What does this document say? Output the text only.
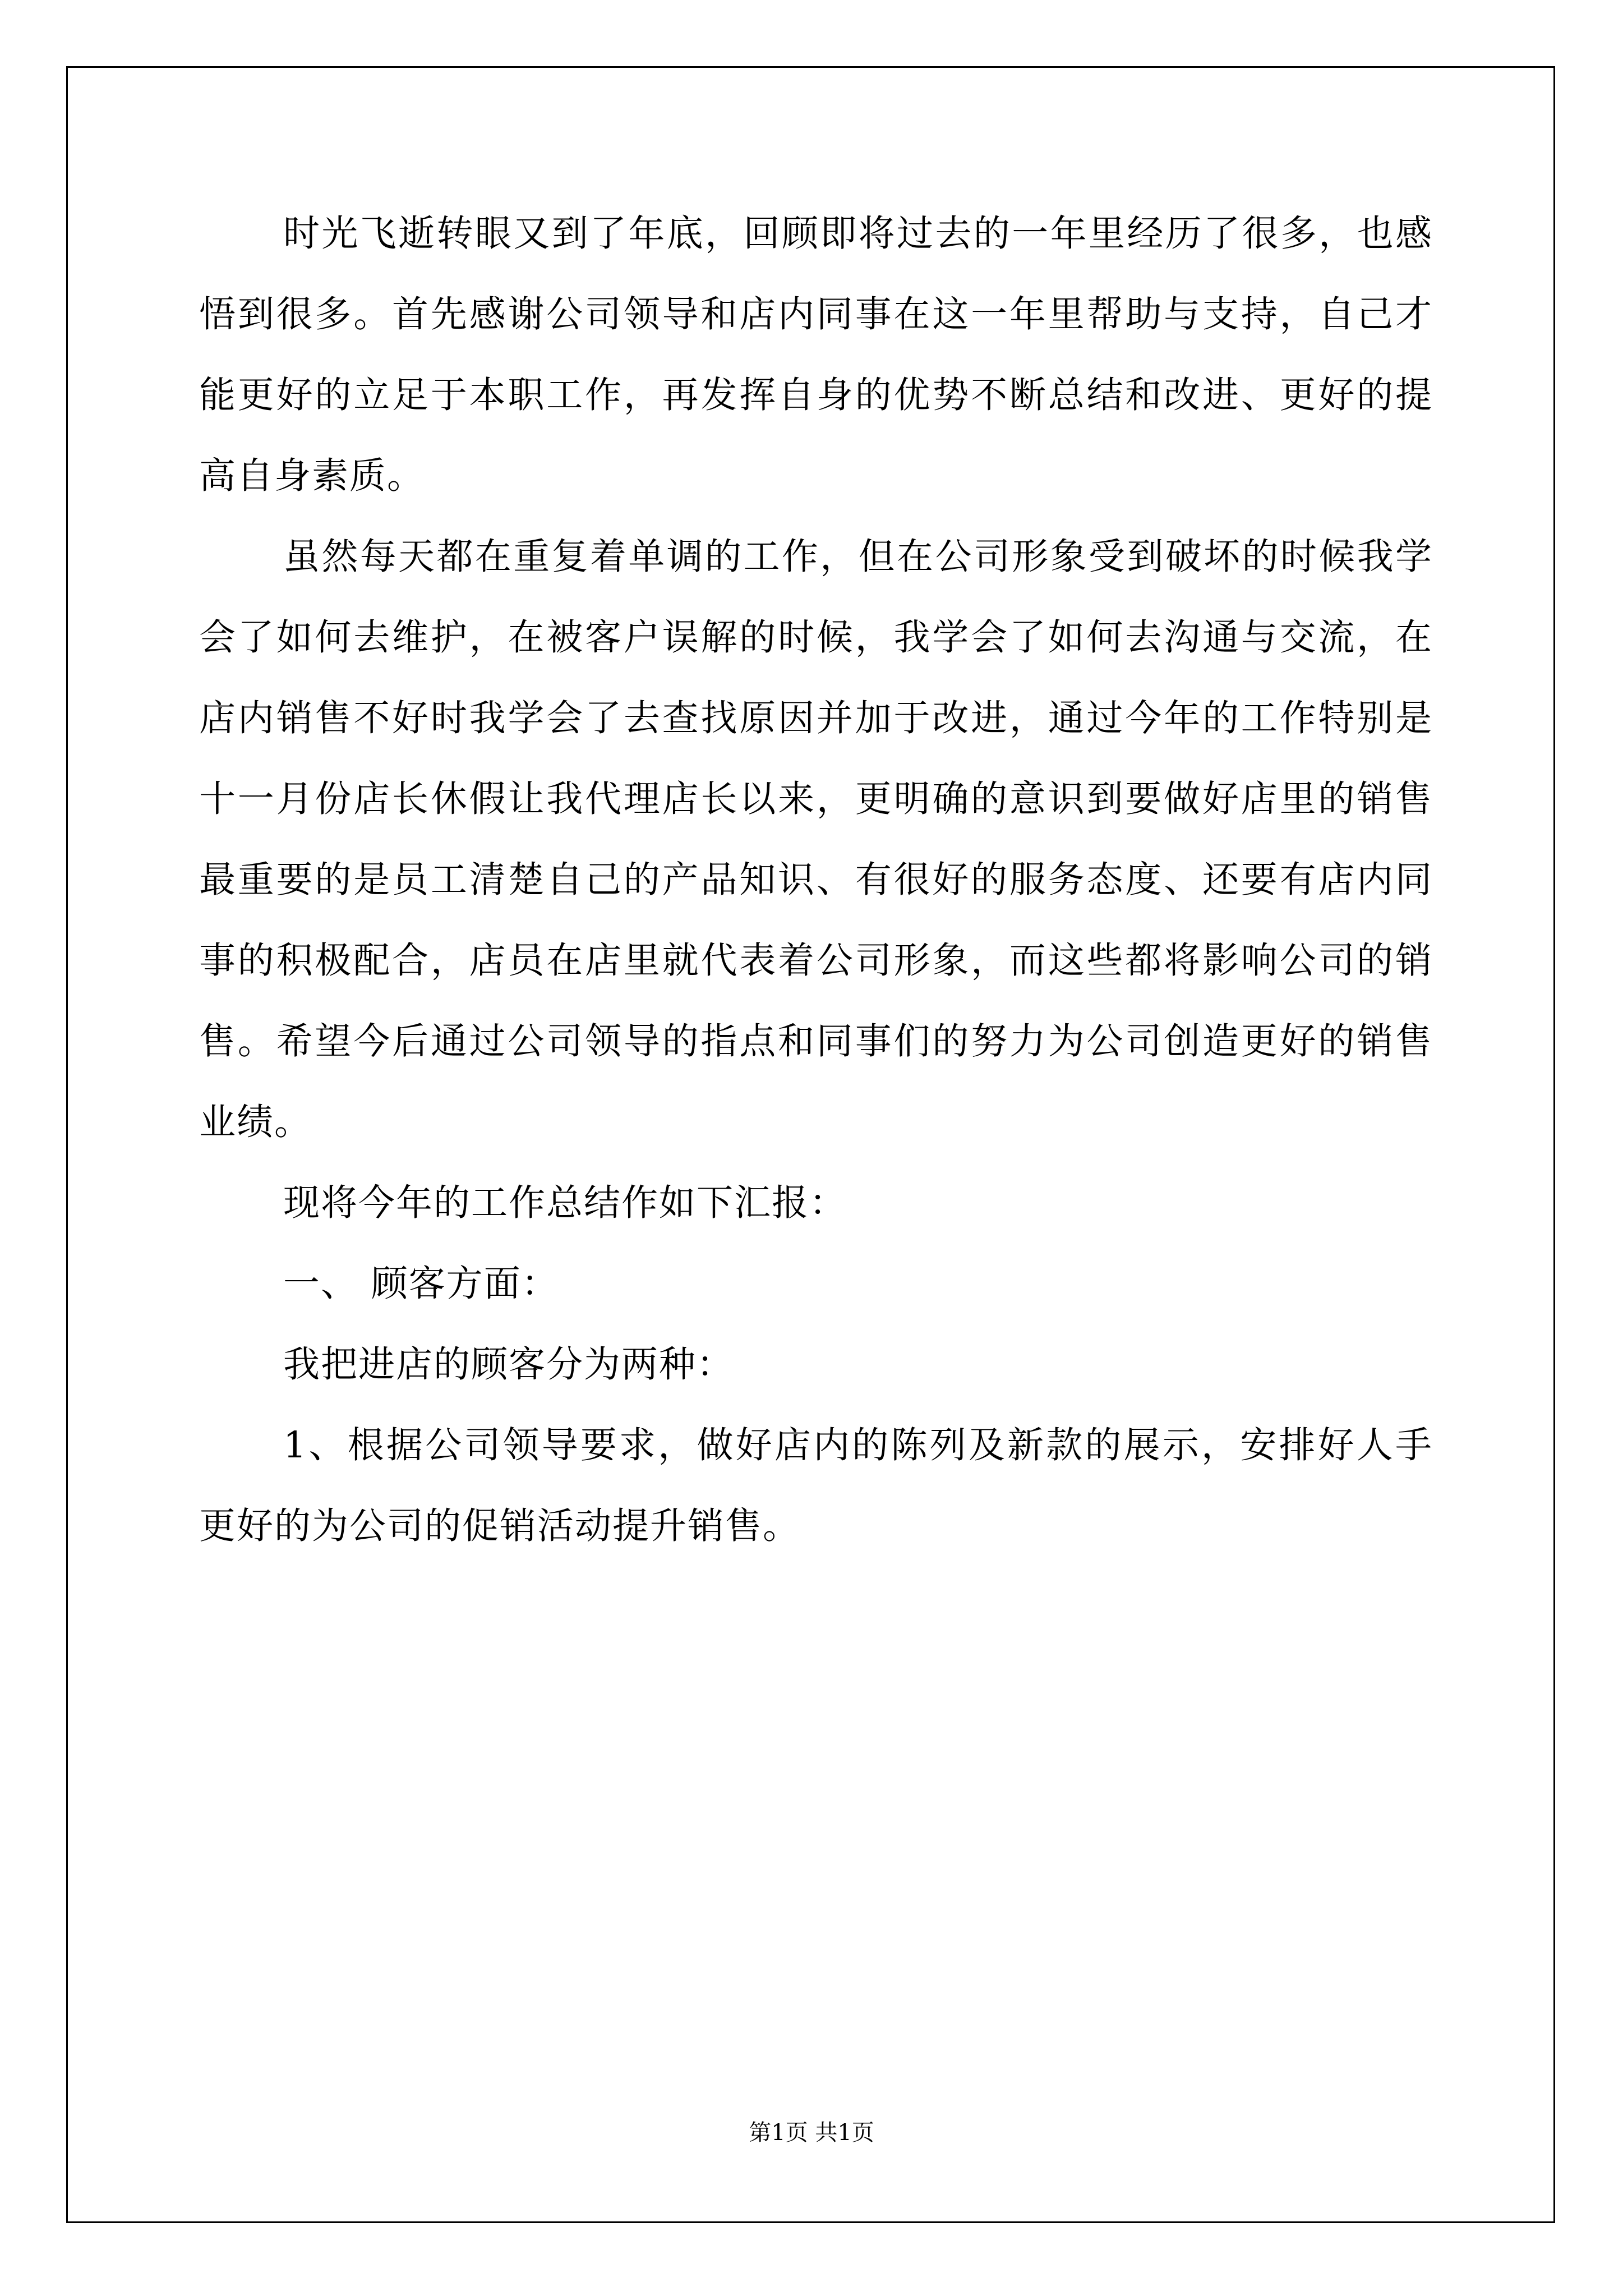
时光飞逝转眼又到了年底，回顾即将过去的一年里经历了很多，也感悟到很多。首先感谢公司领导和店内同事在这一年里帮助与支持，自己才能更好的立足于本职工作，再发挥自身的优势不断总结和改进、更好的提高自身素质。

虽然每天都在重复着单调的工作，但在公司形象受到破坏的时候我学会了如何去维护，在被客户误解的时候，我学会了如何去沟通与交流，在店内销售不好时我学会了去查找原因并加于改进，通过今年的工作特别是十一月份店长休假让我代理店长以来，更明确的意识到要做好店里的销售最重要的是员工清楚自己的产品知识、有很好的服务态度、还要有店内同事的积极配合，店员在店里就代表着公司形象，而这些都将影响公司的销售。希望今后通过公司领导的指点和同事们的努力为公司创造更好的销售业绩。

现将今年的工作总结作如下汇报：

一、 顾客方面：

我把进店的顾客分为两种：

1、根据公司领导要求，做好店内的陈列及新款的展示，安排好人手更好的为公司的促销活动提升销售。

第1页 共1页
